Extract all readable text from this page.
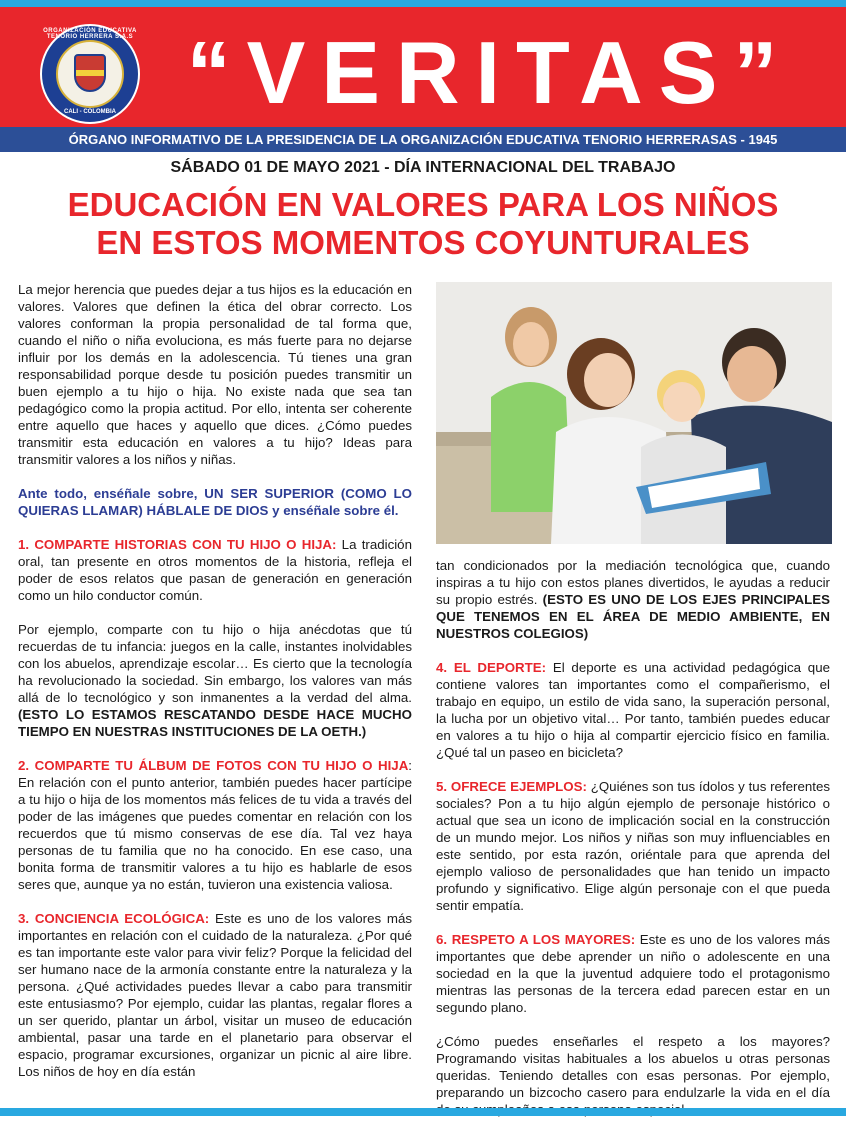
ORGANIZACIÓN EDUCATIVA TENORIO HERRERA S.A.S
CALI - COLOMBIA “VERITAS”
ÓRGANO INFORMATIVO DE LA PRESIDENCIA DE LA ORGANIZACIÓN EDUCATIVA TENORIO HERRERASAS - 1945
SÁBADO 01 DE MAYO 2021 - DÍA INTERNACIONAL DEL TRABAJO
EDUCACIÓN EN VALORES PARA LOS NIÑOS
EN ESTOS MOMENTOS COYUNTURALES

La mejor herencia que puedes dejar a tus hijos es la educación en valores. Valores que definen la ética del obrar correcto. Los valores conforman la propia personalidad de tal forma que, cuando el niño o niña evoluciona, es más fuerte para no dejarse influir por los demás en la adolescencia. Tú tienes una gran responsabilidad porque desde tu posición puedes transmitir un buen ejemplo a tu hijo o hija. No existe nada que sea tan pedagógico como la propia actitud. Por ello, intenta ser coherente entre aquello que haces y aquello que dices. ¿Cómo puedes transmitir esta educación en valores a tu hijo? Ideas para transmitir valores a los niños y niñas.

Ante todo, enséñale sobre, UN SER SUPERIOR (COMO LO QUIERAS LLAMAR) HÁBLALE DE DIOS y enséñale sobre él.

1. COMPARTE HISTORIAS CON TU HIJO O HIJA: La tradición oral, tan presente en otros momentos de la historia, refleja el poder de esos relatos que pasan de generación en generación como un hilo conductor común.

Por ejemplo, comparte con tu hijo o hija anécdotas que tú recuerdas de tu infancia: juegos en la calle, instantes inolvidables con los abuelos, aprendizaje escolar… Es cierto que la tecnología ha revolucionado la sociedad. Sin embargo, los valores van más allá de lo tecnológico y son inmanentes a la verdad del alma. (ESTO LO ESTAMOS RESCATANDO DESDE HACE MUCHO TIEMPO EN NUESTRAS INSTITUCIONES DE LA OETH.)

2. COMPARTE TU ÁLBUM DE FOTOS CON TU HIJO O HIJA: En relación con el punto anterior, también puedes hacer partícipe a tu hijo o hija de los momentos más felices de tu vida a través del poder de las imágenes que puedes comentar en relación con los recuerdos que tú mismo conservas de ese día. Tal vez haya personas de tu familia que no ha conocido. En ese caso, una bonita forma de transmitir valores a tu hijo es hablarle de esos seres que, aunque ya no están, tuvieron una existencia valiosa.

3. CONCIENCIA ECOLÓGICA: Este es uno de los valores más importantes en relación con el cuidado de la naturaleza. ¿Por qué es tan importante este valor para vivir feliz? Porque la felicidad del ser humano nace de la armonía constante entre la naturaleza y la persona. ¿Qué actividades puedes llevar a cabo para transmitir este entusiasmo? Por ejemplo, cuidar las plantas, regalar flores a un ser querido, plantar un árbol, visitar un museo de educación ambiental, pasar una tarde en el planetario para observar el espacio, programar excursiones, organizar un picnic al aire libre. Los niños de hoy en día están

tan condicionados por la mediación tecnológica que, cuando inspiras a tu hijo con estos planes divertidos, le ayudas a reducir su propio estrés. (ESTO ES UNO DE LOS EJES PRINCIPALES QUE TENEMOS EN EL ÁREA DE MEDIO AMBIENTE, EN NUESTROS COLEGIOS)

4. EL DEPORTE: El deporte es una actividad pedagógica que contiene valores tan importantes como el compañerismo, el trabajo en equipo, un estilo de vida sano, la superación personal, la lucha por un objetivo vital… Por tanto, también puedes educar en valores a tu hijo o hija al compartir ejercicio físico en familia. ¿Qué tal un paseo en bicicleta?

5. OFRECE EJEMPLOS: ¿Quiénes son tus ídolos y tus referentes sociales? Pon a tu hijo algún ejemplo de personaje histórico o actual que sea un icono de implicación social en la construcción de un mundo mejor. Los niños y niñas son muy influenciables en este sentido, por esta razón, oriéntale para que aprenda del ejemplo valioso de personalidades que han tenido un impacto profundo y significativo. Elige algún personaje con el que pueda sentir empatía.

6. RESPETO A LOS MAYORES: Este es uno de los valores más importantes que debe aprender un niño o adolescente en una sociedad en la que la juventud adquiere todo el protagonismo mientras las personas de la tercera edad parecen estar en un segundo plano.

¿Cómo puedes enseñarles el respeto a los mayores? Programando visitas habituales a los abuelos u otras personas queridas. Teniendo detalles con esas personas. Por ejemplo, preparando un bizcocho casero para endulzarle la vida en el día
